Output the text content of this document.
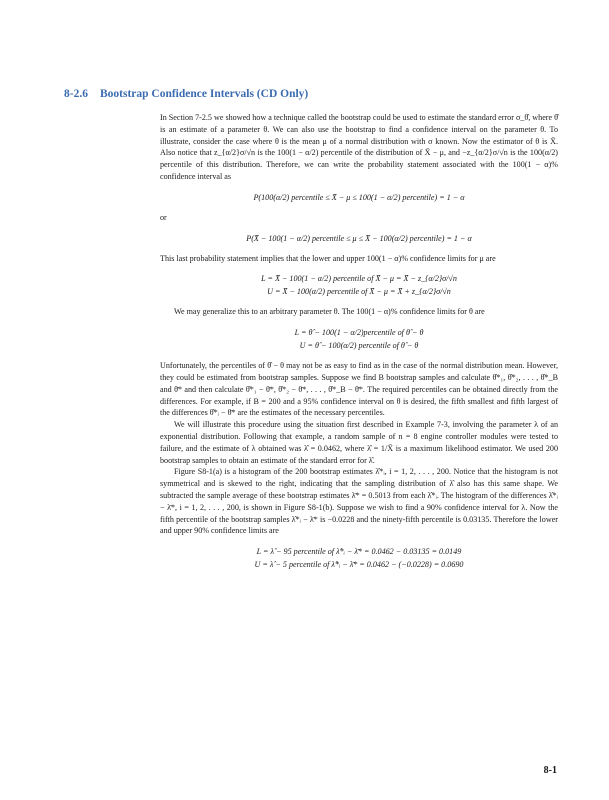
8-2.6 Bootstrap Confidence Intervals (CD Only)

In Section 7-2.5 we showed how a technique called the bootstrap could be used to estimate the standard error σ_θ̂, where θ̂ is an estimate of a parameter θ. We can also use the bootstrap to find a confidence interval on the parameter θ. To illustrate, consider the case where θ is the mean μ of a normal distribution with σ known. Now the estimator of θ is X̄. Also notice that z_{α/2}σ/√n is the 100(1 − α/2) percentile of the distribution of X̄ − μ, and −z_{α/2}σ/√n is the 100(α/2) percentile of this distribution. Therefore, we can write the probability statement associated with the 100(1 − α)% confidence interval as

P(100(α/2) percentile ≤ X̄ − μ ≤ 100(1 − α/2) percentile) = 1 − α
or
P(X̄ − 100(1 − α/2) percentile ≤ μ ≤ X̄ − 100(α/2) percentile) = 1 − α

This last probability statement implies that the lower and upper 100(1 − α)% confidence limits for μ are

L = X̄ − 100(1 − α/2) percentile of X̄ − μ = X̄ − z_{α/2}σ/√n
U = X̄ − 100(α/2) percentile of X̄ − μ = X̄ + z_{α/2}σ/√n

We may generalize this to an arbitrary parameter θ. The 100(1 − α)% confidence limits for θ are

L = θ̂ − 100(1 − α/2)percentile of θ̂ − θ
U = θ̂ − 100(α/2) percentile of θ̂ − θ

Unfortunately, the percentiles of θ̂ − θ may not be as easy to find as in the case of the normal distribution mean. However, they could be estimated from bootstrap samples. Suppose we find B bootstrap samples and calculate θ̂*₁, θ̂*₂, . . . , θ̂*_B and θ̄* and then calculate θ̂*₁ − θ̄*, θ̂*₂ − θ̄*, . . . , θ̂*_B − θ̄*. The required percentiles can be obtained directly from the differences. For example, if B = 200 and a 95% confidence interval on θ is desired, the fifth smallest and fifth largest of the differences θ̂*ᵢ − θ̄* are the estimates of the necessary percentiles.

We will illustrate this procedure using the situation first described in Example 7-3, involving the parameter λ of an exponential distribution. Following that example, a random sample of n = 8 engine controller modules were tested to failure, and the estimate of λ obtained was λ̂ = 0.0462, where λ̂ = 1/X̄ is a maximum likelihood estimator. We used 200 bootstrap samples to obtain an estimate of the standard error for λ̂.

Figure S8-1(a) is a histogram of the 200 bootstrap estimates λ̂*ᵢ, i = 1, 2, . . . , 200. Notice that the histogram is not symmetrical and is skewed to the right, indicating that the sampling distribution of λ̂ also has this same shape. We subtracted the sample average of these bootstrap estimates λ̄* = 0.5013 from each λ̂*ᵢ. The histogram of the differences λ̂*ᵢ − λ̄*, i = 1, 2, . . . , 200, is shown in Figure S8-1(b). Suppose we wish to find a 90% confidence interval for λ. Now the fifth percentile of the bootstrap samples λ̂*ᵢ − λ̄* is −0.0228 and the ninety-fifth percentile is 0.03135. Therefore the lower and upper 90% confidence limits are

L = λ̂ − 95 percentile of λ̂*ᵢ − λ̄* = 0.0462 − 0.03135 = 0.0149
U = λ̂ − 5 percentile of λ̂*ᵢ − λ̄* = 0.0462 − (−0.0228) = 0.0690
8-1
